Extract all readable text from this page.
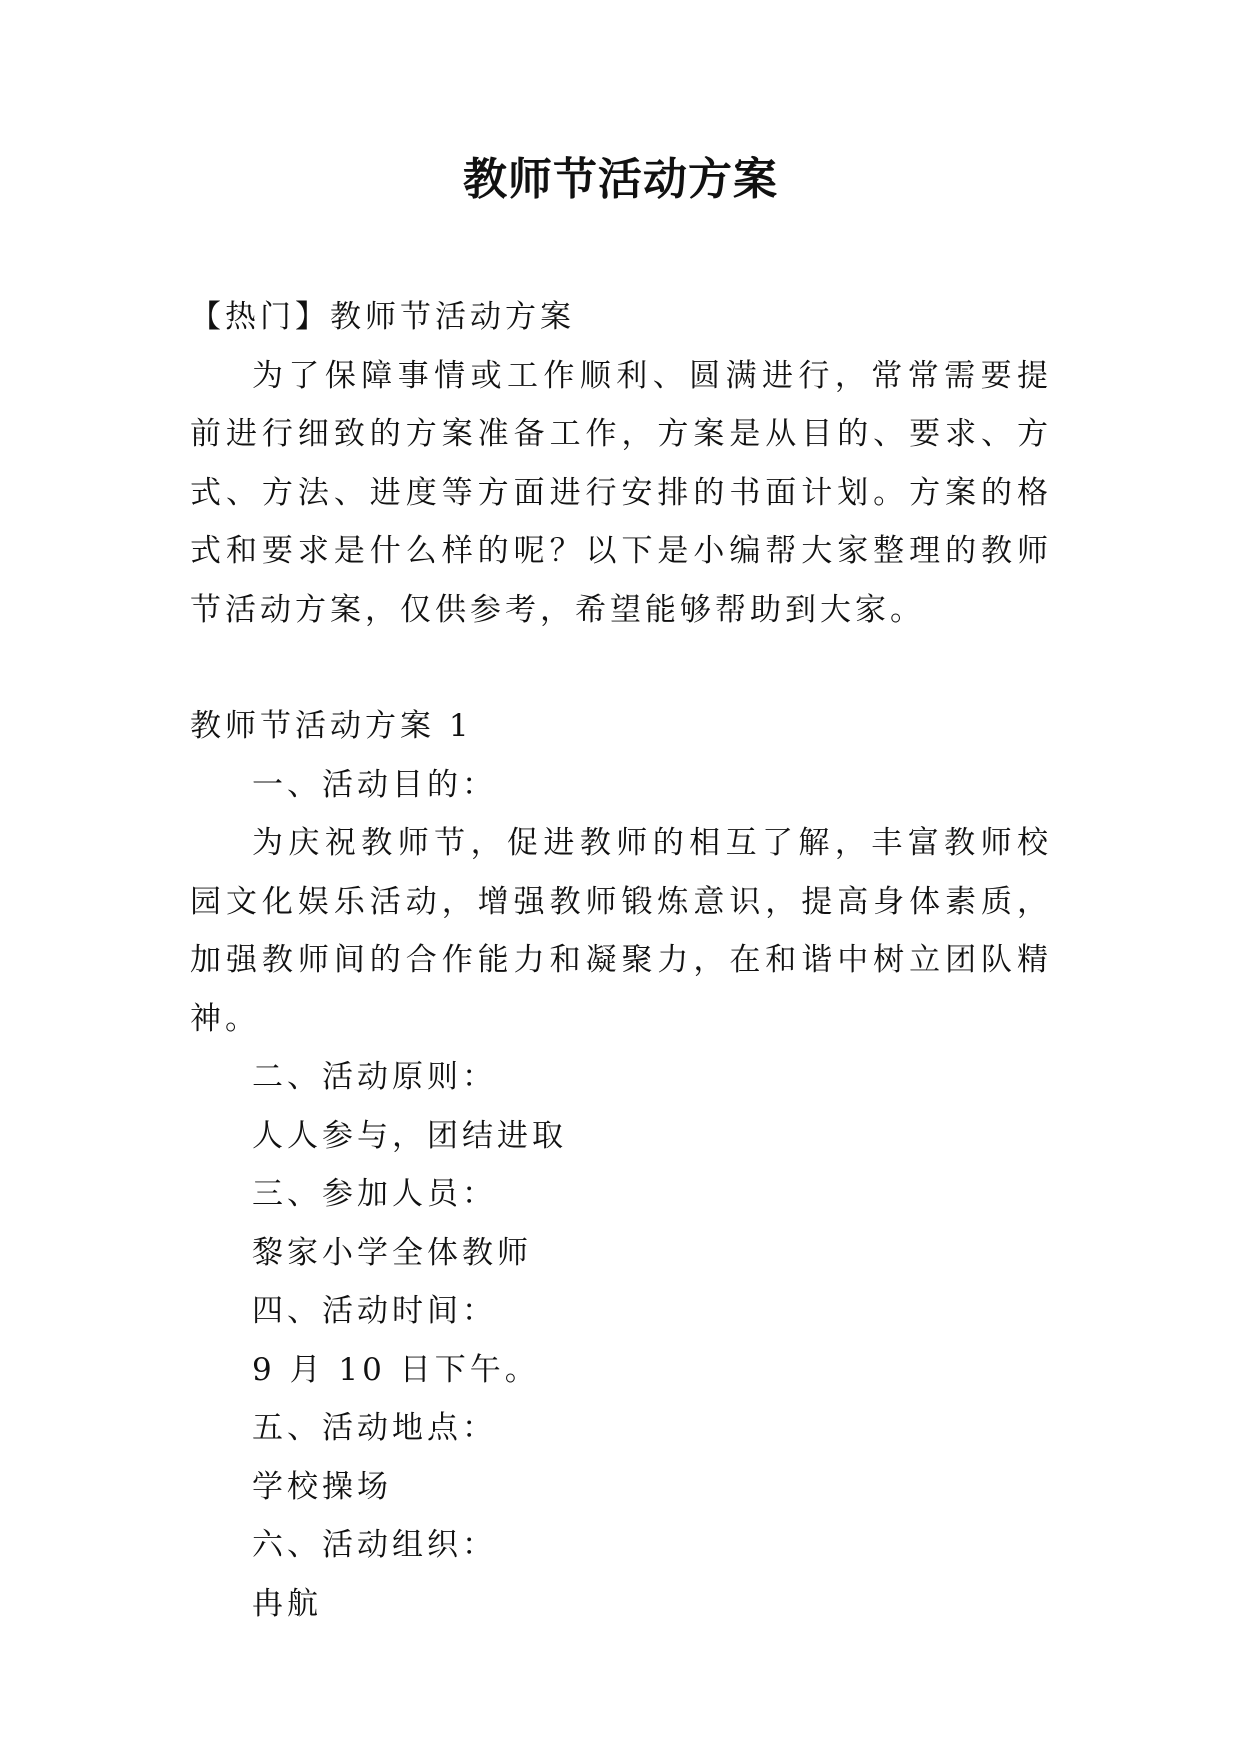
教师节活动方案

【热门】教师节活动方案

为了保障事情或工作顺利、圆满进行，常常需要提前进行细致的方案准备工作，方案是从目的、要求、方式、方法、进度等方面进行安排的书面计划。方案的格式和要求是什么样的呢？以下是小编帮大家整理的教师节活动方案，仅供参考，希望能够帮助到大家。

教师节活动方案 1

一、活动目的：

为庆祝教师节，促进教师的相互了解，丰富教师校园文化娱乐活动，增强教师锻炼意识，提高身体素质，加强教师间的合作能力和凝聚力，在和谐中树立团队精神。

二、活动原则：

人人参与，团结进取

三、参加人员：

黎家小学全体教师

四、活动时间：

9 月 10 日下午。

五、活动地点：

学校操场

六、活动组织：

冉航
